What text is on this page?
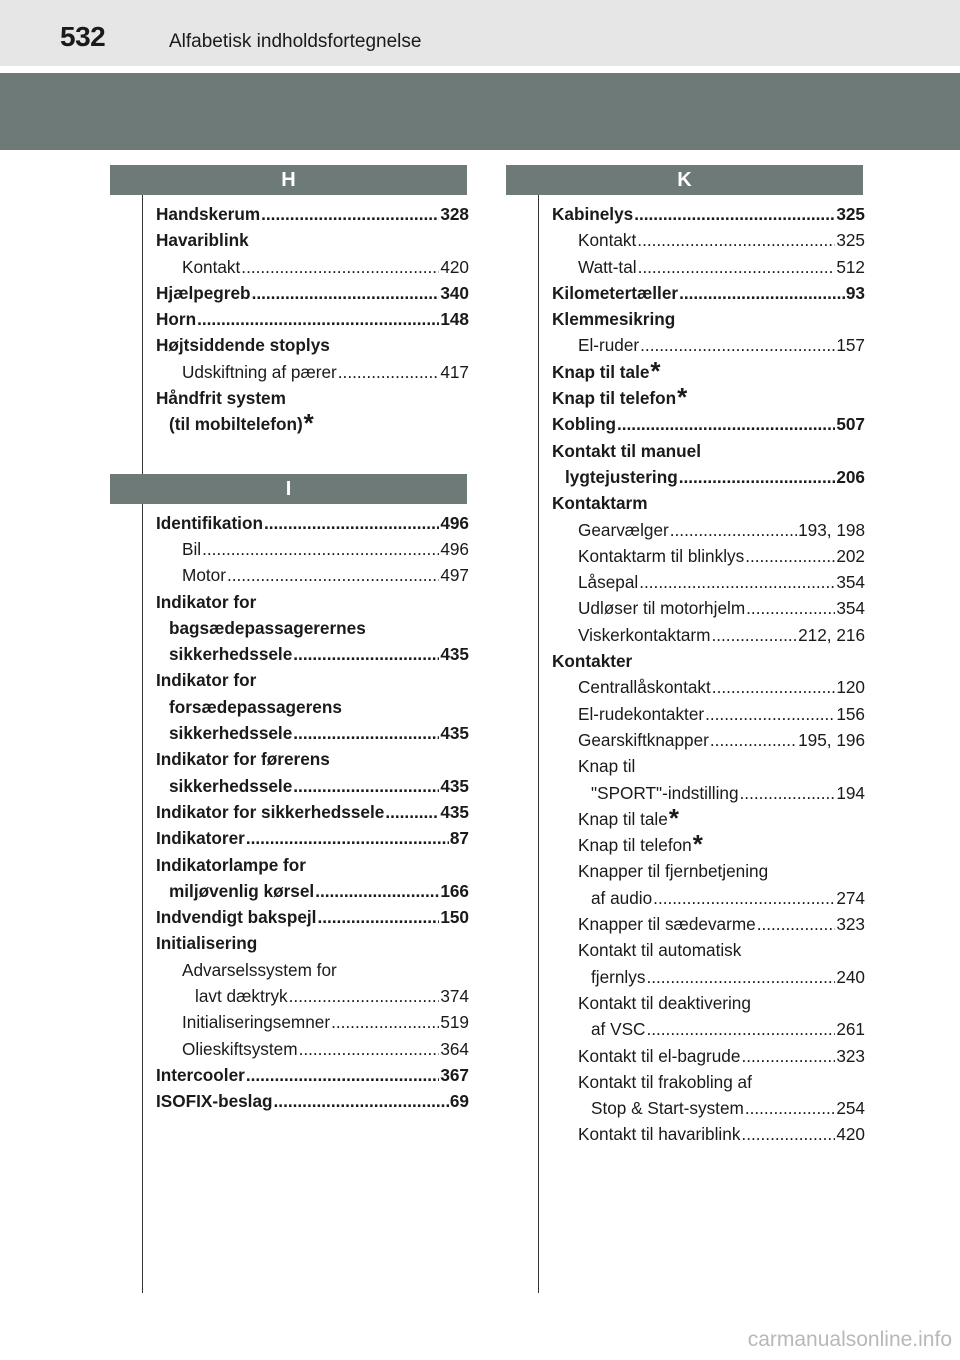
532	Alfabetisk indholdsfortegnelse
H
Handskerum .....	328
Havariblink
Kontakt .....	420
Hjælpegreb .....	340
Horn .....	148
Højtsiddende stoplys
Udskiftning af pærer .....	417
Håndfrit system
(til mobiltelefon)*
I
Identifikation .....	496
Bil .....	496
Motor .....	497
Indikator for
bagsædepassagerernes
sikkerhedssele .....	435
Indikator for
forsædepassagerens
sikkerhedssele .....	435
Indikator for førerens
sikkerhedssele .....	435
Indikator for sikkerhedssele .....	435
Indikatorer .....	87
Indikatorlampe for
miljøvenlig kørsel .....	166
Indvendigt bakspejl .....	150
Initialisering
Advarselssystem for
lavt dæktryk .....	374
Initialiseringsemner .....	519
Olieskiftsystem .....	364
Intercooler .....	367
ISOFIX-beslag .....	69
K
Kabinelys .....	325
Kontakt .....	325
Watt-tal .....	512
Kilometertæller .....	93
Klemmesikring
El-ruder .....	157
Knap til tale*
Knap til telefon*
Kobling .....	507
Kontakt til manuel
lygtejustering .....	206
Kontaktarm
Gearvælger .....	193, 198
Kontaktarm til blinklys .....	202
Låsepal .....	354
Udløser til motorhjelm .....	354
Viskerkontaktarm .....	212, 216
Kontakter
Centrallåskontakt .....	120
El-rudekontakter .....	156
Gearskiftknapper .....	195, 196
Knap til
"SPORT"-indstilling .....	194
Knap til tale*
Knap til telefon*
Knapper til fjernbetjening
af audio .....	274
Knapper til sædevarme .....	323
Kontakt til automatisk
fjernlys .....	240
Kontakt til deaktivering
af VSC .....	261
Kontakt til el-bagrude .....	323
Kontakt til frakobling af
Stop & Start-system .....	254
Kontakt til havariblink .....	420
carmanualsonline.info
